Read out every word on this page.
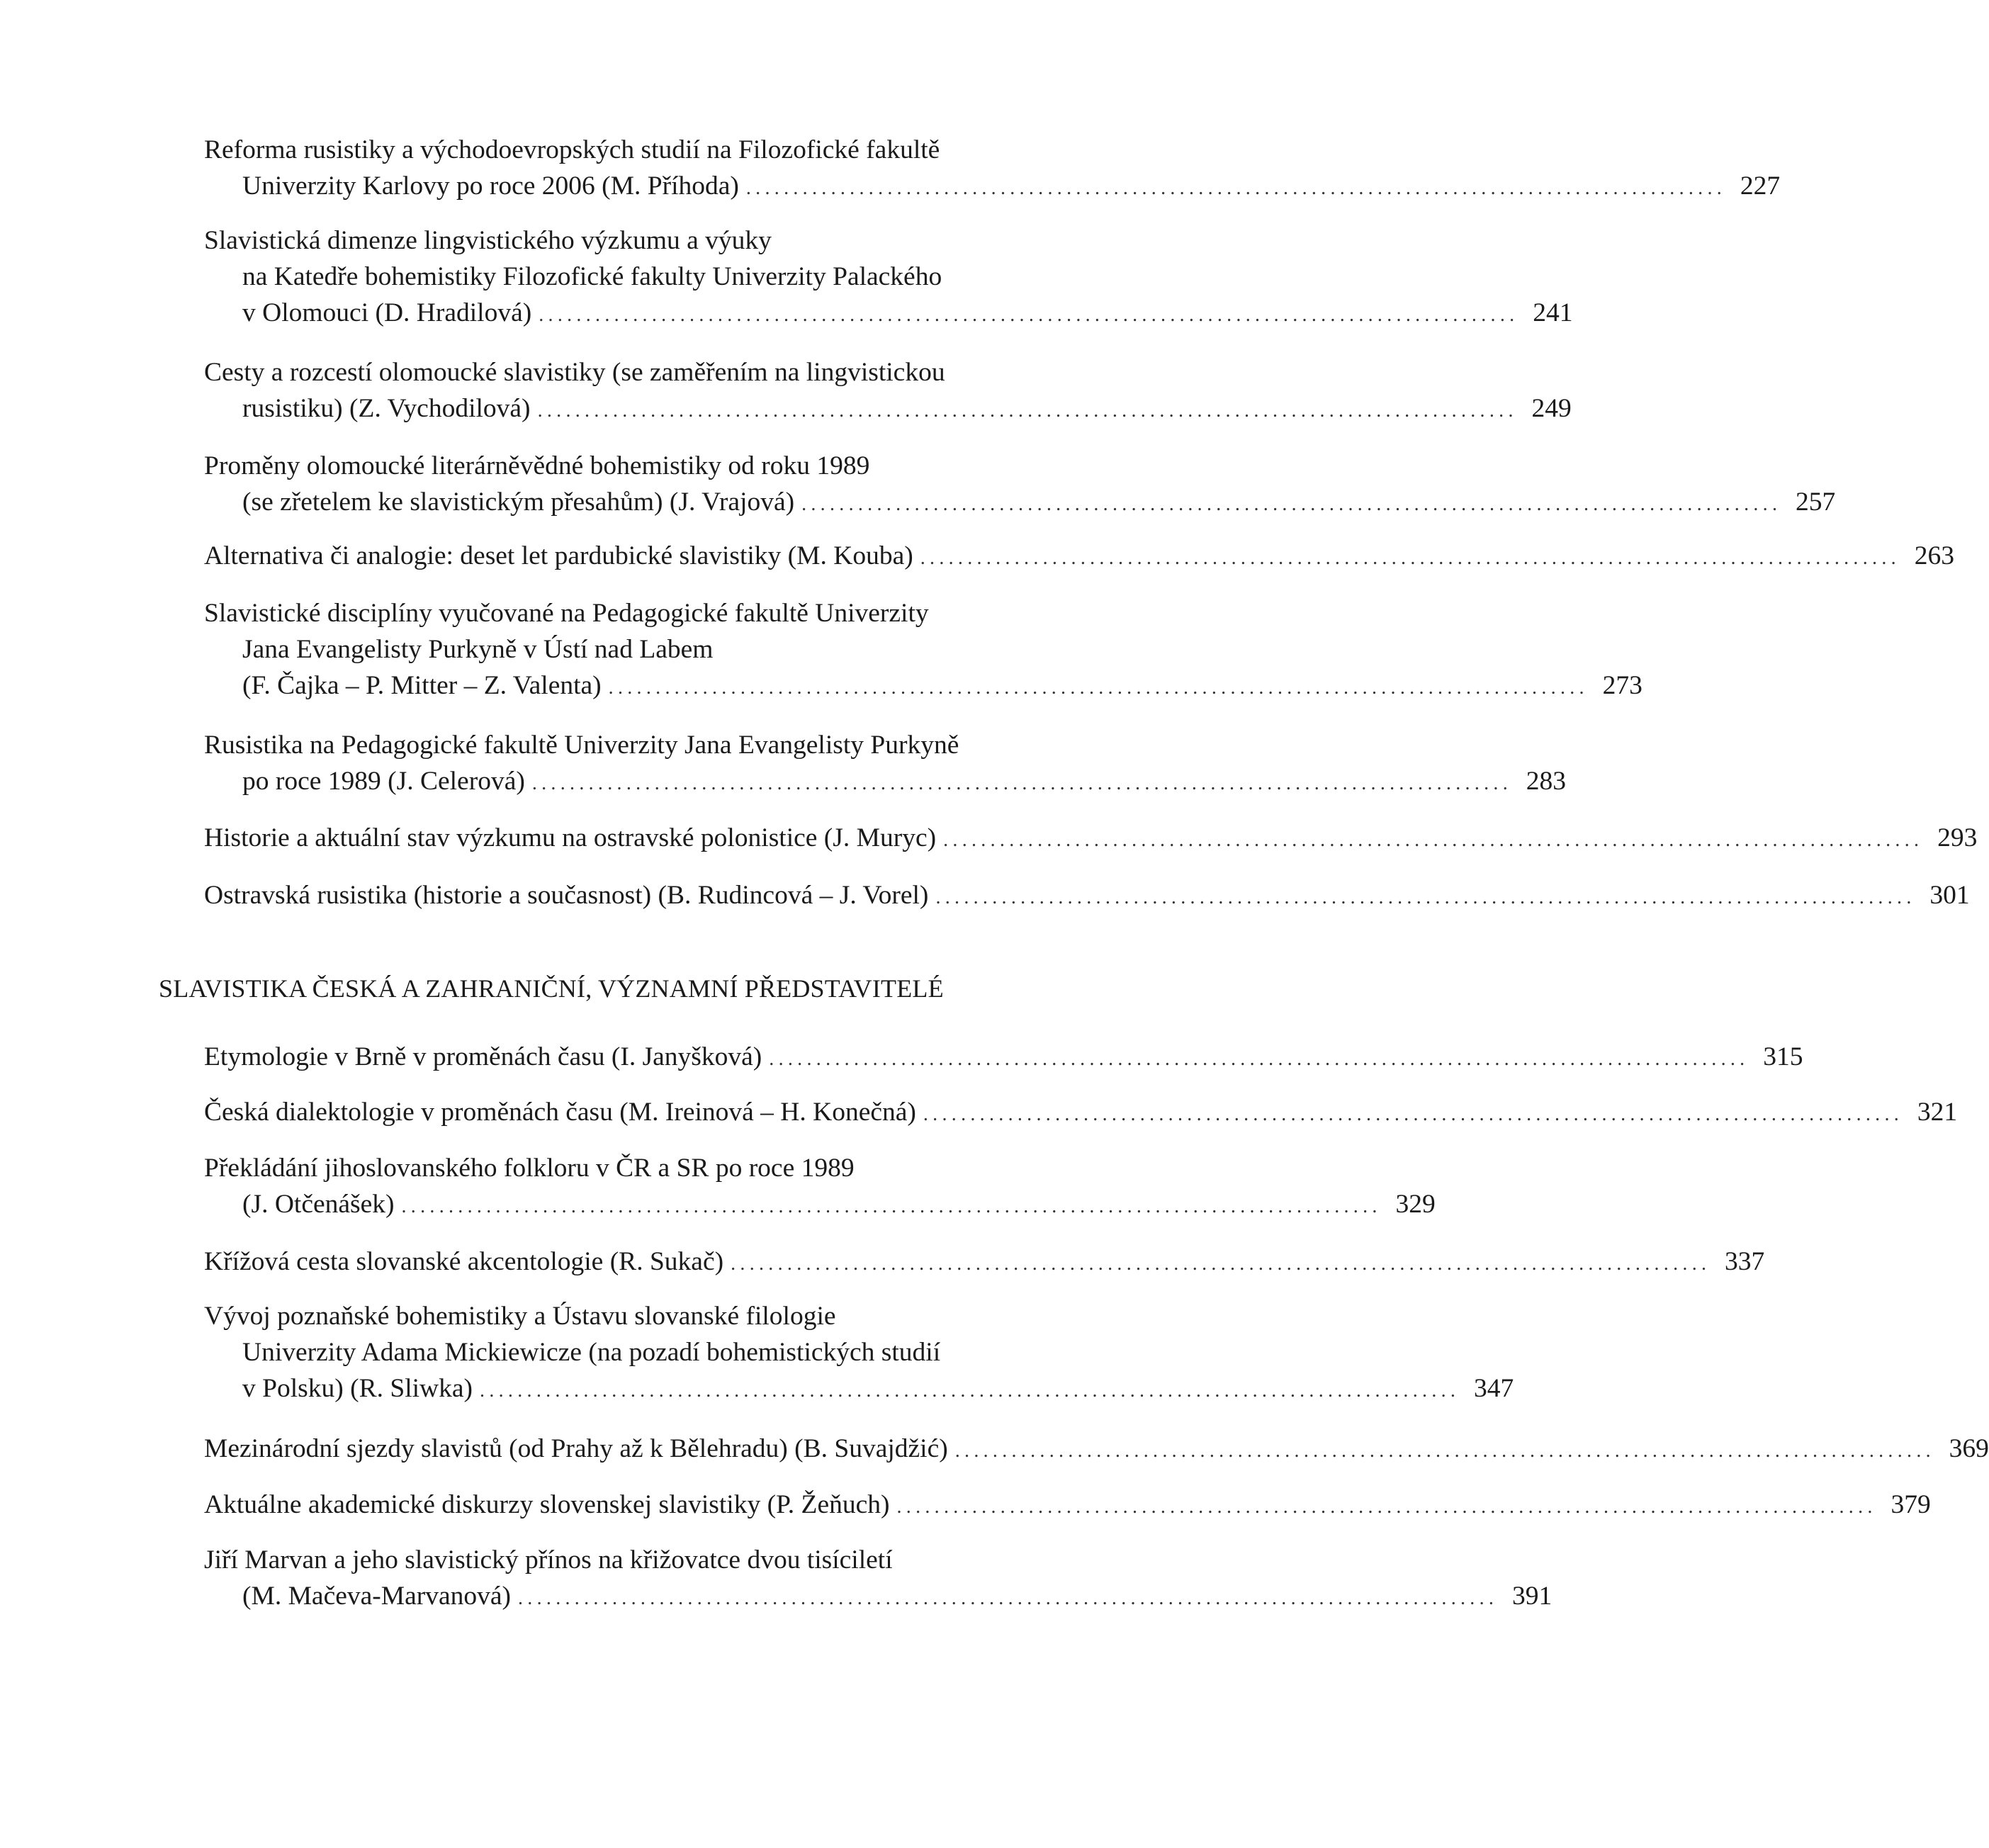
Reforma rusistiky a východoevropských studií na Filozofické fakultě
Univerzity Karlovy po roce 2006 (M. Příhoda) ........................................................................................................ 227
Slavistická dimenze lingvistického výzkumu a výuky
na Katedře bohemistiky Filozofické fakulty Univerzity Palackého
v Olomouci (D. Hradilová) ........................................................................................................ 241
Cesty a rozcestí olomoucké slavistiky (se zaměřením na lingvistickou
rusistiku) (Z. Vychodilová) ........................................................................................................ 249
Proměny olomoucké literárněvědné bohemistiky od roku 1989
(se zřetelem ke slavistickým přesahům) (J. Vrajová) ........................................................................................................ 257
Alternativa či analogie: deset let pardubické slavistiky (M. Kouba) ........................................................................................................ 263
Slavistické disciplíny vyučované na Pedagogické fakultě Univerzity
Jana Evangelisty Purkyně v Ústí nad Labem
(F. Čajka – P. Mitter – Z. Valenta) ........................................................................................................ 273
Rusistika na Pedagogické fakultě Univerzity Jana Evangelisty Purkyně
po roce 1989 (J. Celerová) ........................................................................................................ 283
Historie a aktuální stav výzkumu na ostravské polonistice (J. Muryc) ........................................................................................................ 293
Ostravská rusistika (historie a současnost) (B. Rudincová – J. Vorel) ........................................................................................................ 301
SLAVISTIKA ČESKÁ A ZAHRANIČNÍ, VÝZNAMNÍ PŘEDSTAVITELÉ
Etymologie v Brně v proměnách času (I. Janyšková) ........................................................................................................ 315
Česká dialektologie v proměnách času (M. Ireinová – H. Konečná) ........................................................................................................ 321
Překládání jihoslovanského folkloru v ČR a SR po roce 1989
(J. Otčenášek) ........................................................................................................ 329
Křížová cesta slovanské akcentologie (R. Sukač) ........................................................................................................ 337
Vývoj poznaňské bohemistiky a Ústavu slovanské filologie
Univerzity Adama Mickiewicze (na pozadí bohemistických studií
v Polsku) (R. Sliwka) ........................................................................................................ 347
Mezinárodní sjezdy slavistů (od Prahy až k Bělehradu) (B. Suvajdžić) ........................................................................................................ 369
Aktuálne akademické diskurzy slovenskej slavistiky (P. Žeňuch) ........................................................................................................ 379
Jiří Marvan a jeho slavistický přínos na křižovatce dvou tisíciletí
(M. Mačeva-Marvanová) ........................................................................................................ 391
